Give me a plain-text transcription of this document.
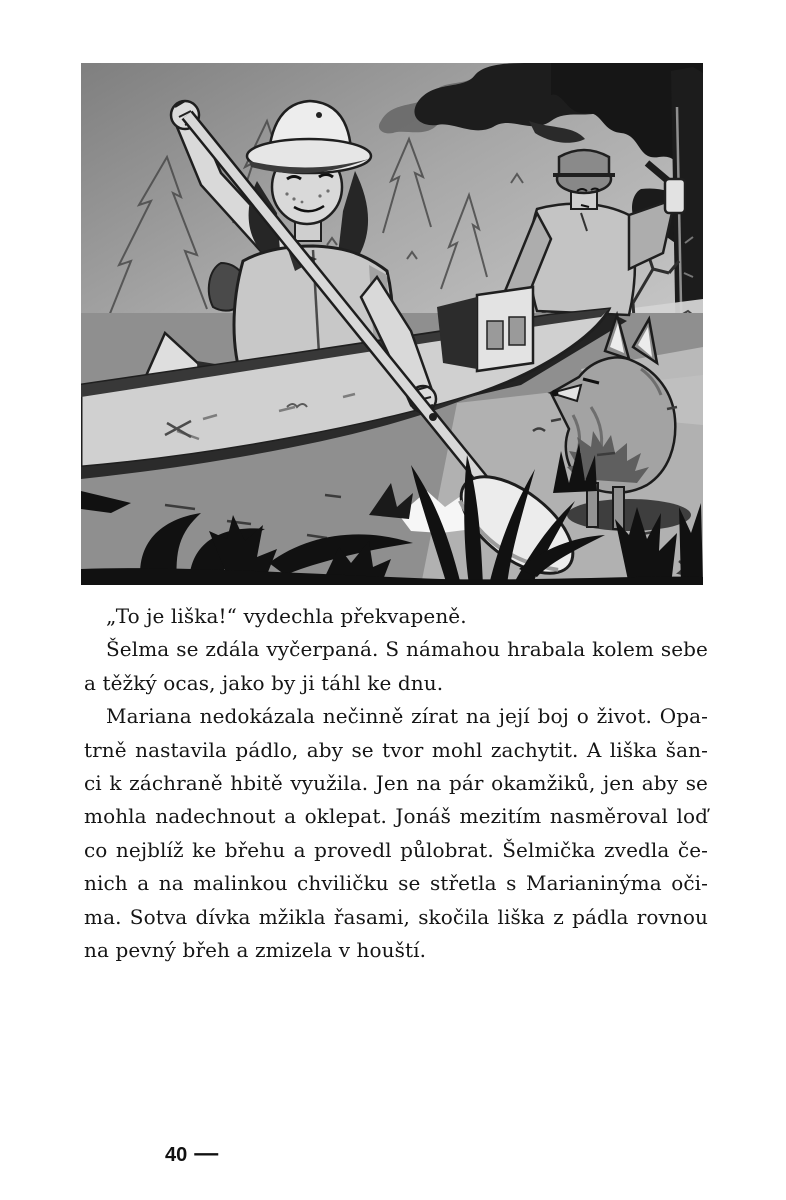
„To je liška!“ vydechla překvapeně.
Šelma se zdála vyčerpaná. S námahou hrabala kolem sebe
a těžký ocas, jako by ji táhl ke dnu.
Mariana nedokázala nečinně zírat na její boj o život. Opa-
trně nastavila pádlo, aby se tvor mohl zachytit. A liška šan-
ci k záchraně hbitě využila. Jen na pár okamžiků, jen aby se
mohla nadechnout a oklepat. Jonáš mezitím nasměroval loď
co nejblíž ke břehu a provedl půlobrat. Šelmička zvedla če-
nich a na malinkou chviličku se střetla s Marianinýma oči-
ma. Sotva dívka mžikla řasami, skočila liška z pádla rovnou
na pevný břeh a zmizela v houští.
40 —
